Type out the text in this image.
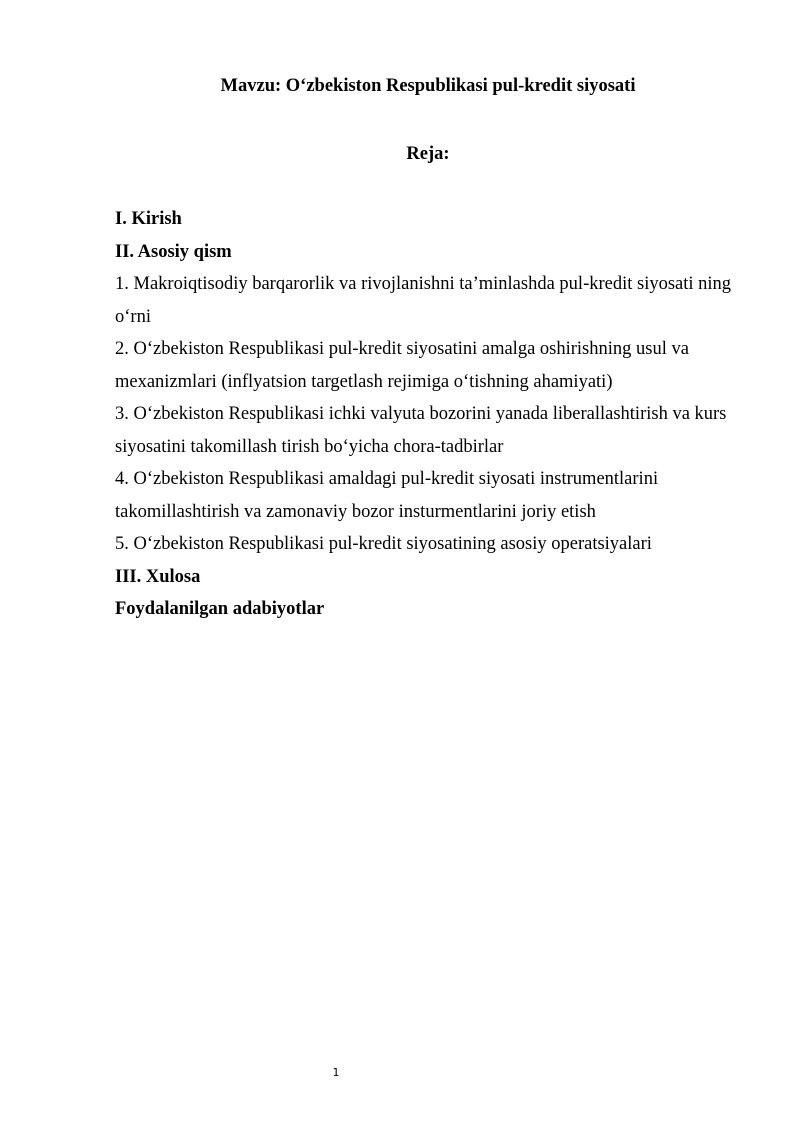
Mavzu: O‘zbekiston Respublikasi pul-kredit siyosati
Reja:
I. Kirish
II. Asosiy qism
1. Makroiqtisodiy barqarorlik va rivojlanishni ta’minlashda pul-kredit siyosati ning o‘rni
2. O‘zbekiston Respublikasi pul-kredit siyosatini amalga oshirishning usul va mexanizmlari (inflyatsion targetlash rejimiga o‘tishning ahamiyati)
3. O‘zbekiston Respublikasi ichki valyuta bozorini yanada liberallashtirish va kurs siyosatini takomillash tirish bo‘yicha chora-tadbirlar
4. O‘zbekiston Respublikasi amaldagi pul-kredit siyosati instrumentlarini takomillashtirish va zamonaviy bozor insturmentlarini joriy etish
5. O‘zbekiston Respublikasi pul-kredit siyosatining asosiy operatsiyalari
III. Xulosa
Foydalanilgan adabiyotlar
1
